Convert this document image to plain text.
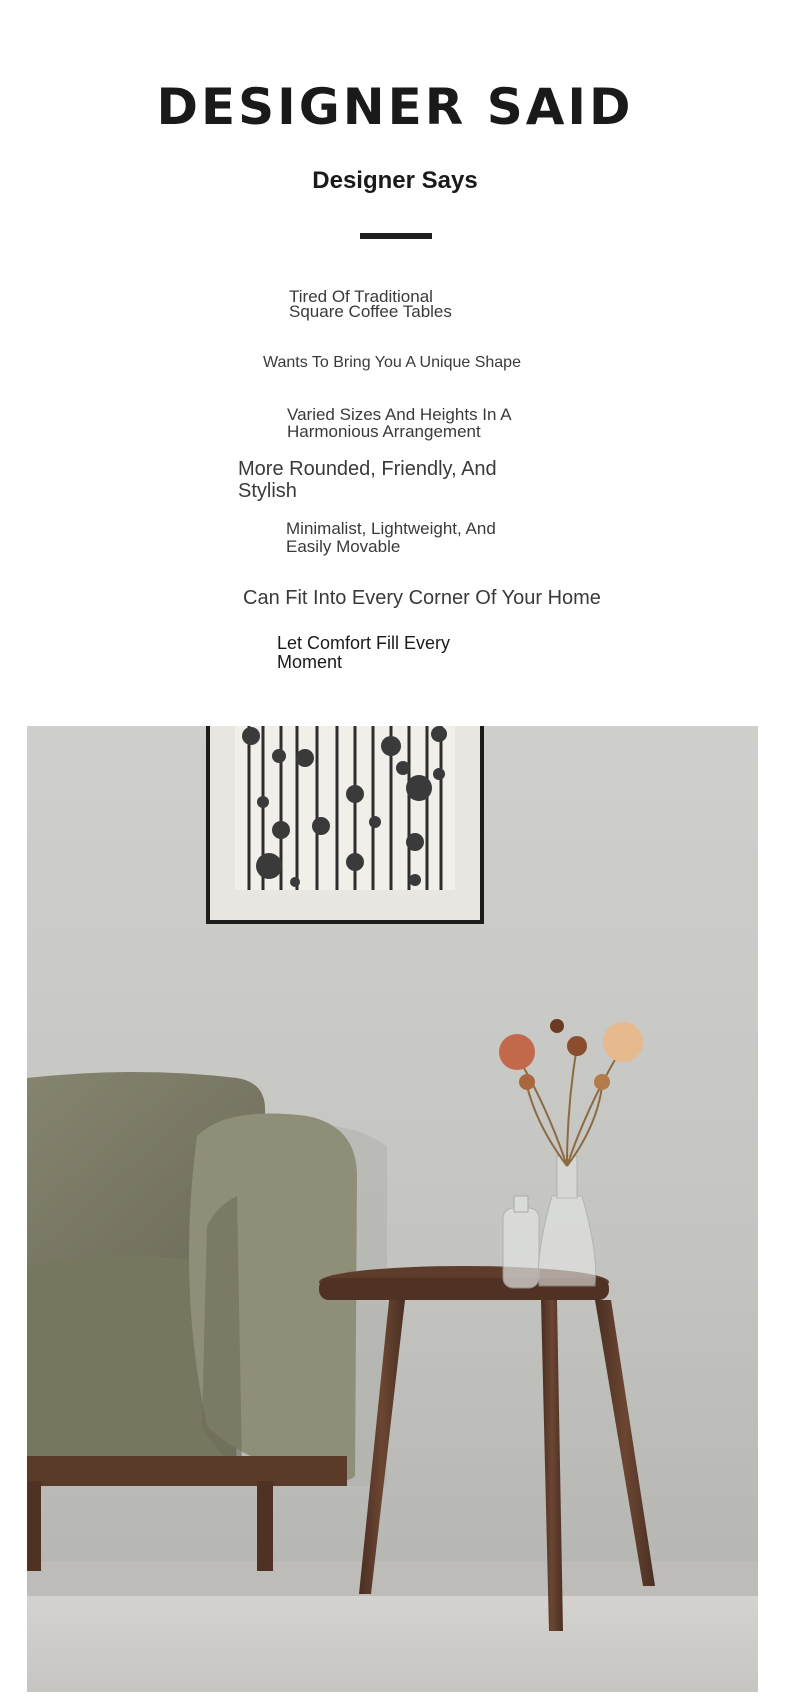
DESIGNER SAID
Designer Says
Tired Of Traditional
Square Coffee Tables
Wants To Bring You A Unique Shape
Varied Sizes And Heights In A
Harmonious Arrangement
More Rounded, Friendly, And
Stylish
Minimalist, Lightweight, And
Easily Movable
Can Fit Into Every Corner Of Your Home
Let Comfort Fill Every
Moment
